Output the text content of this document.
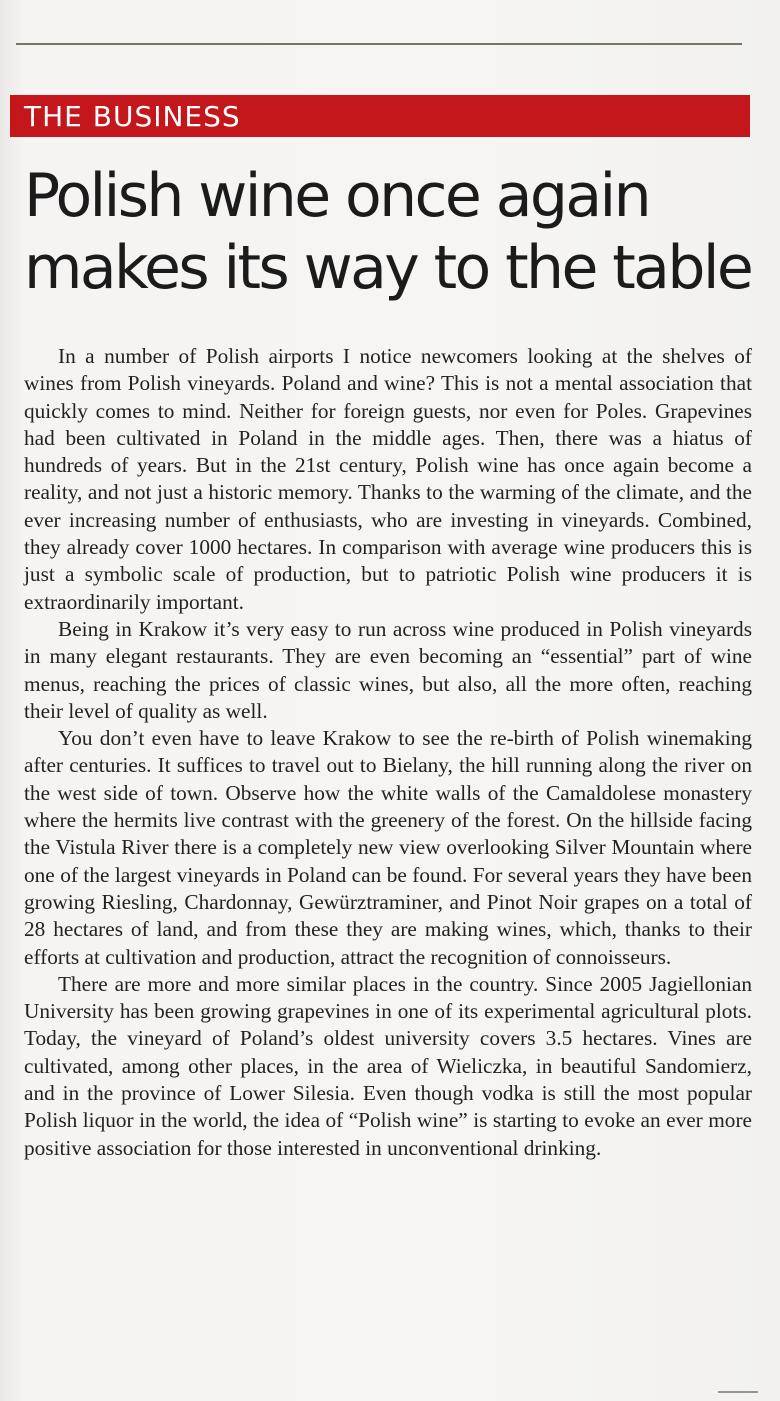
THE BUSINESS
Polish wine once again
makes its way to the table

In a number of Polish airports I notice newcomers looking at the shelves of wines from Polish vineyards. Poland and wine? This is not a mental association that quickly comes to mind. Neither for foreign guests, nor even for Poles. Grapevines had been cultivated in Poland in the middle ages. Then, there was a hiatus of hundreds of years. But in the 21st century, Polish wine has once again become a reality, and not just a historic memory. Thanks to the warming of the climate, and the ever increasing number of enthusiasts, who are investing in vineyards. Combined, they already cover 1000 hectares. In comparison with average wine producers this is just a symbolic scale of production, but to patriotic Polish wine producers it is extraordinarily important.

Being in Krakow it’s very easy to run across wine produced in Polish vineyards in many elegant restaurants. They are even becoming an “essential” part of wine menus, reaching the prices of classic wines, but also, all the more often, reaching their level of quality as well.

You don’t even have to leave Krakow to see the re-birth of Polish winemaking after centuries. It suffices to travel out to Bielany, the hill running along the river on the west side of town. Observe how the white walls of the Camaldolese monastery where the hermits live contrast with the greenery of the forest. On the hillside facing the Vistula River there is a completely new view overlooking Silver Mountain where one of the largest vineyards in Poland can be found. For several years they have been growing Riesling, Chardonnay, Gewürztraminer, and Pinot Noir grapes on a total of 28 hectares of land, and from these they are making wines, which, thanks to their efforts at cultivation and production, attract the recognition of connoisseurs.

There are more and more similar places in the country. Since 2005 Jagiellonian University has been growing grapevines in one of its experimental agricultural plots. Today, the vineyard of Poland’s oldest university covers 3.5 hectares. Vines are cultivated, among other places, in the area of Wieliczka, in beautiful Sandomierz, and in the province of Lower Silesia. Even though vodka is still the most popular Polish liquor in the world, the idea of “Polish wine” is starting to evoke an ever more positive association for those interested in unconventional drinking.
